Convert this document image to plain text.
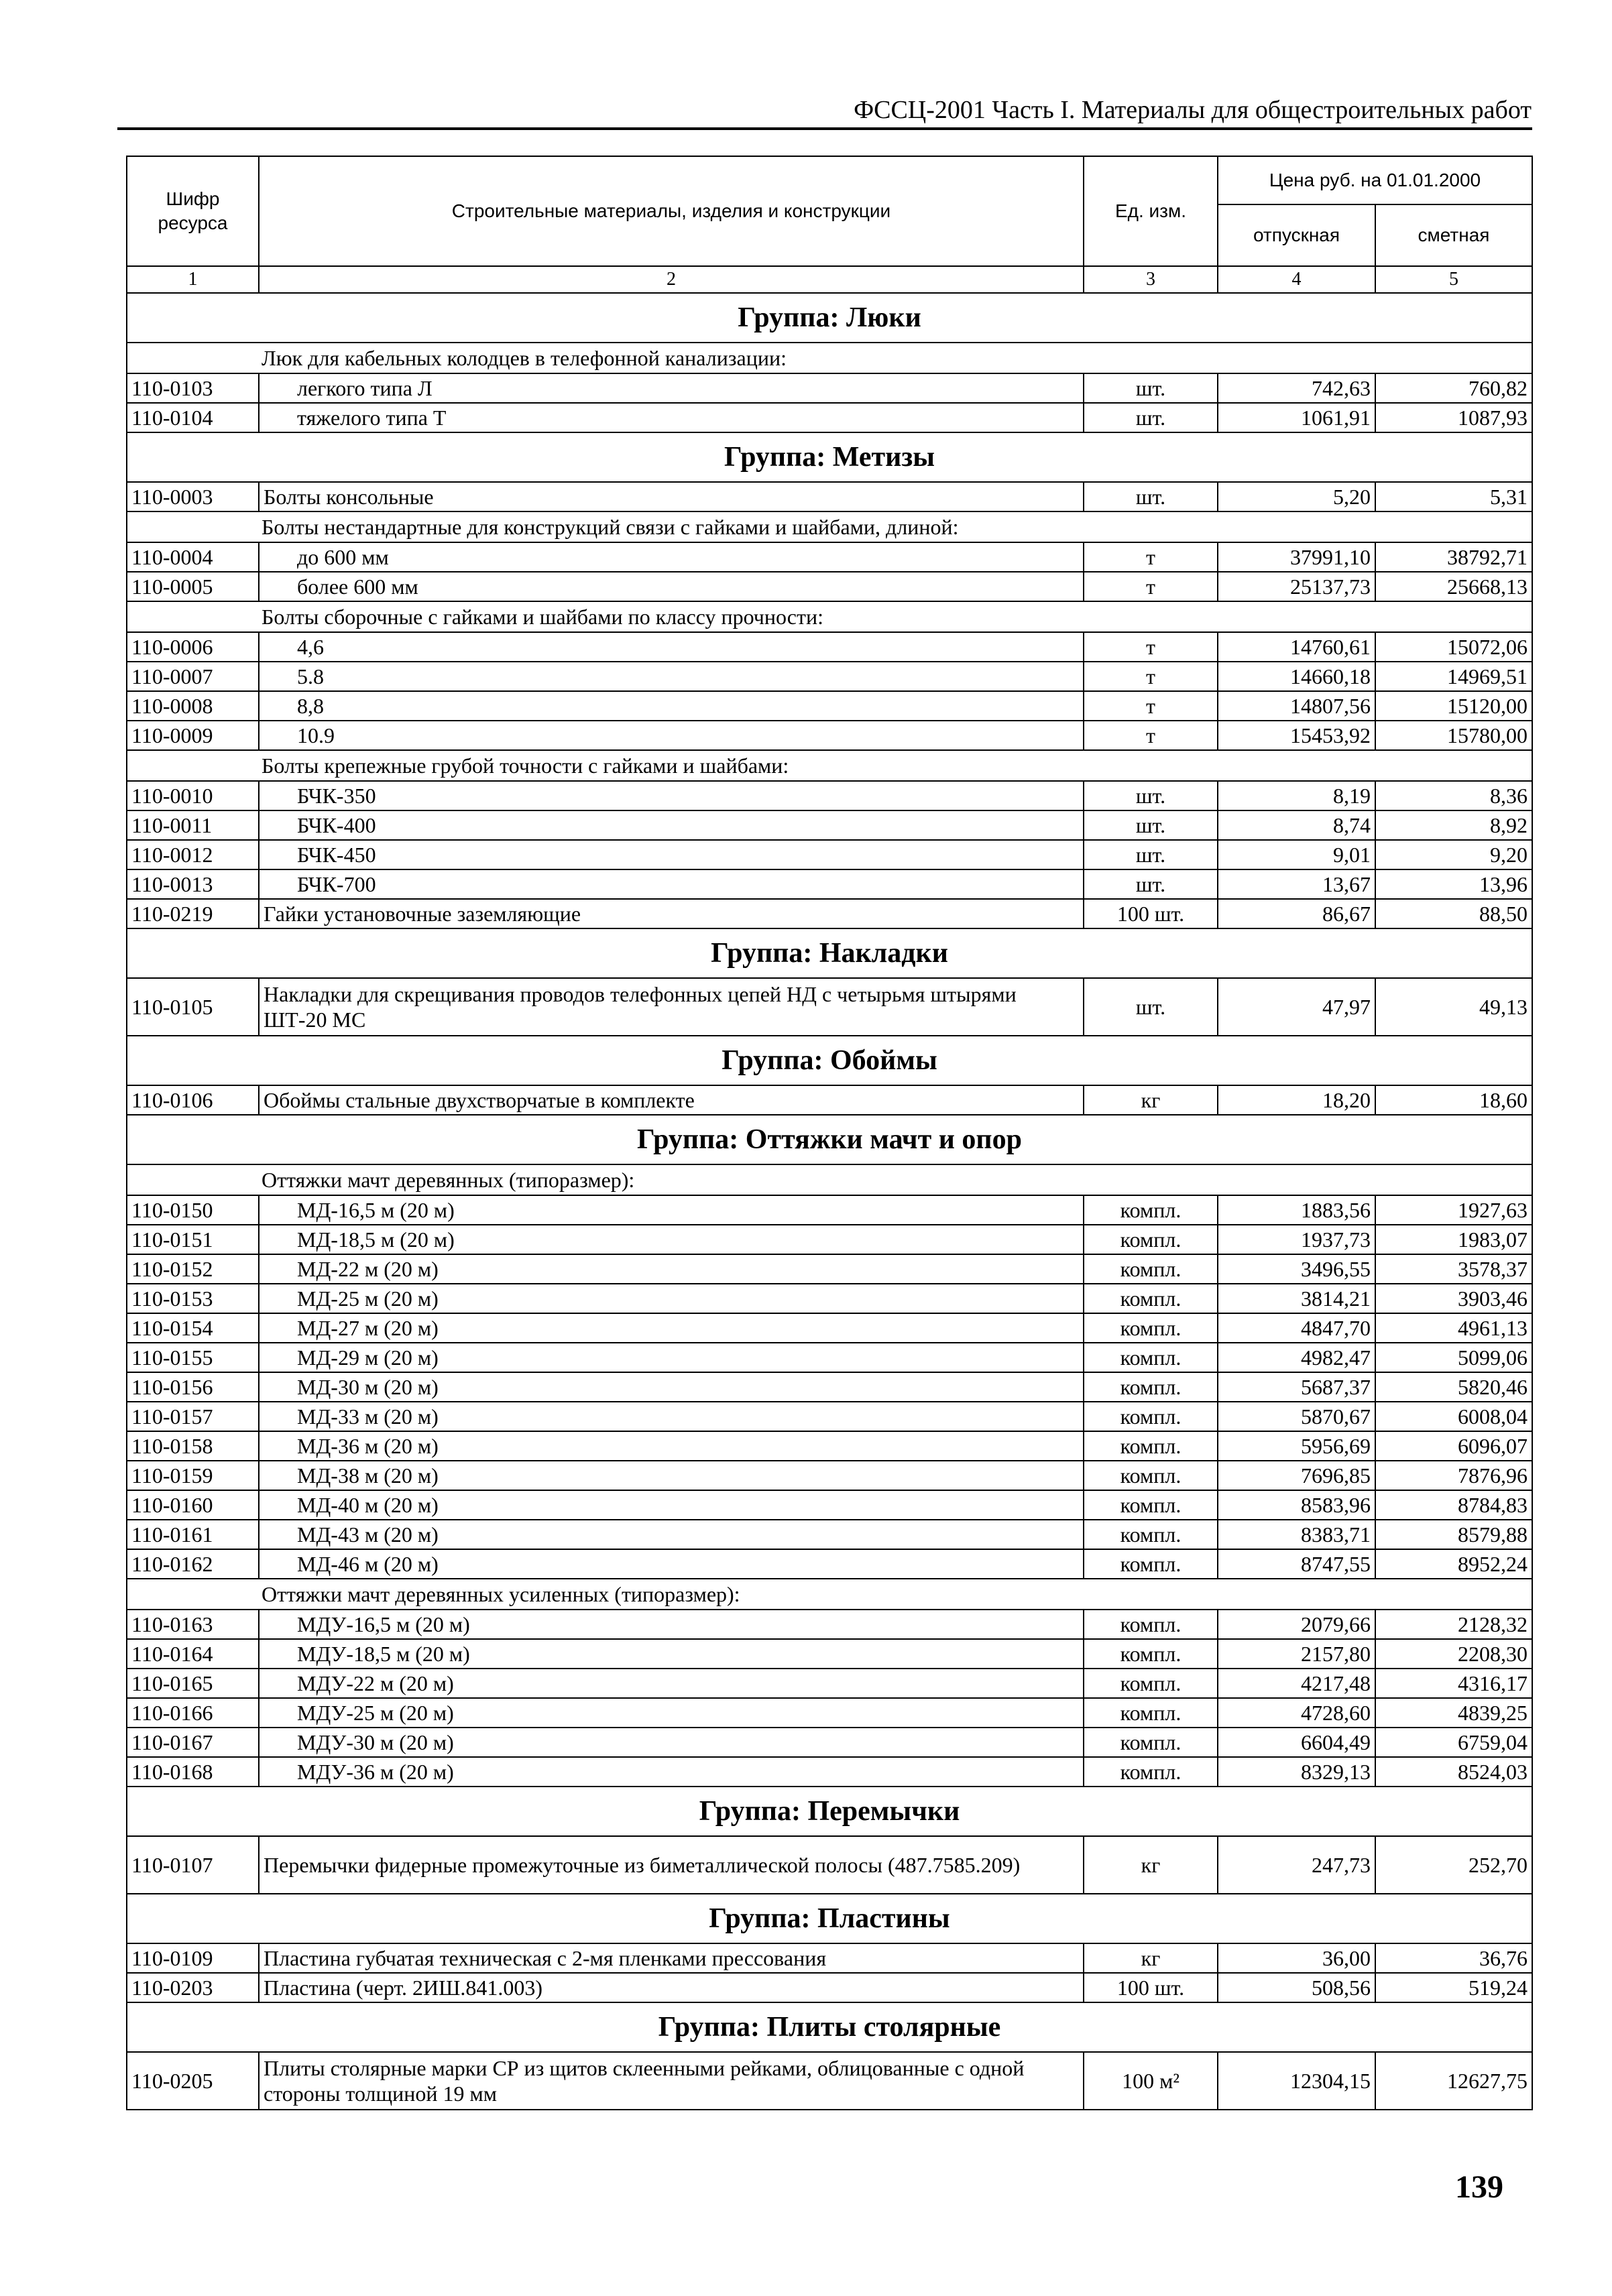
ФССЦ-2001 Часть I. Материалы для общестроительных работ
Шифр ресурса	Строительные материалы, изделия и конструкции	Ед. изм.	Цена руб. на 01.01.2000	
			отпускная	сметная
1	2	3	4	5
Группа: Люки				
Люк для кабельных колодцев в телефонной канализации:				
110-0103	легкого типа Л	шт.	742,63	760,82
110-0104	тяжелого типа Т	шт.	1061,91	1087,93
Группа: Метизы				
110-0003	Болты консольные	шт.	5,20	5,31
Болты нестандартные для конструкций связи с гайками и шайбами, длиной:				
110-0004	до 600 мм	т	37991,10	38792,71
110-0005	более 600 мм	т	25137,73	25668,13
Болты сборочные с гайками и шайбами по классу прочности:				
110-0006	4,6	т	14760,61	15072,06
110-0007	5.8	т	14660,18	14969,51
110-0008	8,8	т	14807,56	15120,00
110-0009	10.9	т	15453,92	15780,00
Болты крепежные грубой точности с гайками и шайбами:				
110-0010	БЧК-350	шт.	8,19	8,36
110-0011	БЧК-400	шт.	8,74	8,92
110-0012	БЧК-450	шт.	9,01	9,20
110-0013	БЧК-700	шт.	13,67	13,96
110-0219	Гайки установочные заземляющие	100 шт.	86,67	88,50
Группа: Накладки				
110-0105	Накладки для скрещивания проводов телефонных цепей НД с четырьмя штырями ШТ-20 МС	шт.	47,97	49,13
Группа: Обоймы				
110-0106	Обоймы стальные двухстворчатые в комплекте	кг	18,20	18,60
Группа: Оттяжки мачт и опор				
Оттяжки мачт деревянных (типоразмер):				
110-0150	МД-16,5 м (20 м)	компл.	1883,56	1927,63
110-0151	МД-18,5 м (20 м)	компл.	1937,73	1983,07
110-0152	МД-22 м (20 м)	компл.	3496,55	3578,37
110-0153	МД-25 м (20 м)	компл.	3814,21	3903,46
110-0154	МД-27 м (20 м)	компл.	4847,70	4961,13
110-0155	МД-29 м (20 м)	компл.	4982,47	5099,06
110-0156	МД-30 м (20 м)	компл.	5687,37	5820,46
110-0157	МД-33 м (20 м)	компл.	5870,67	6008,04
110-0158	МД-36 м (20 м)	компл.	5956,69	6096,07
110-0159	МД-38 м (20 м)	компл.	7696,85	7876,96
110-0160	МД-40 м (20 м)	компл.	8583,96	8784,83
110-0161	МД-43 м (20 м)	компл.	8383,71	8579,88
110-0162	МД-46 м (20 м)	компл.	8747,55	8952,24
Оттяжки мачт деревянных усиленных (типоразмер):				
110-0163	МДУ-16,5 м (20 м)	компл.	2079,66	2128,32
110-0164	МДУ-18,5 м (20 м)	компл.	2157,80	2208,30
110-0165	МДУ-22 м (20 м)	компл.	4217,48	4316,17
110-0166	МДУ-25 м (20 м)	компл.	4728,60	4839,25
110-0167	МДУ-30 м (20 м)	компл.	6604,49	6759,04
110-0168	МДУ-36 м (20 м)	компл.	8329,13	8524,03
Группа: Перемычки				
110-0107	Перемычки фидерные промежуточные из биметаллической полосы (487.7585.209)	кг	247,73	252,70
Группа: Пластины				
110-0109	Пластина губчатая техническая с 2-мя пленками прессования	кг	36,00	36,76
110-0203	Пластина (черт. 2ИШ.841.003)	100 шт.	508,56	519,24
Группа: Плиты столярные				
110-0205	Плиты столярные марки СР из щитов склеенными рейками, облицованные с одной стороны толщиной 19 мм	100 м²	12304,15	12627,75
139
